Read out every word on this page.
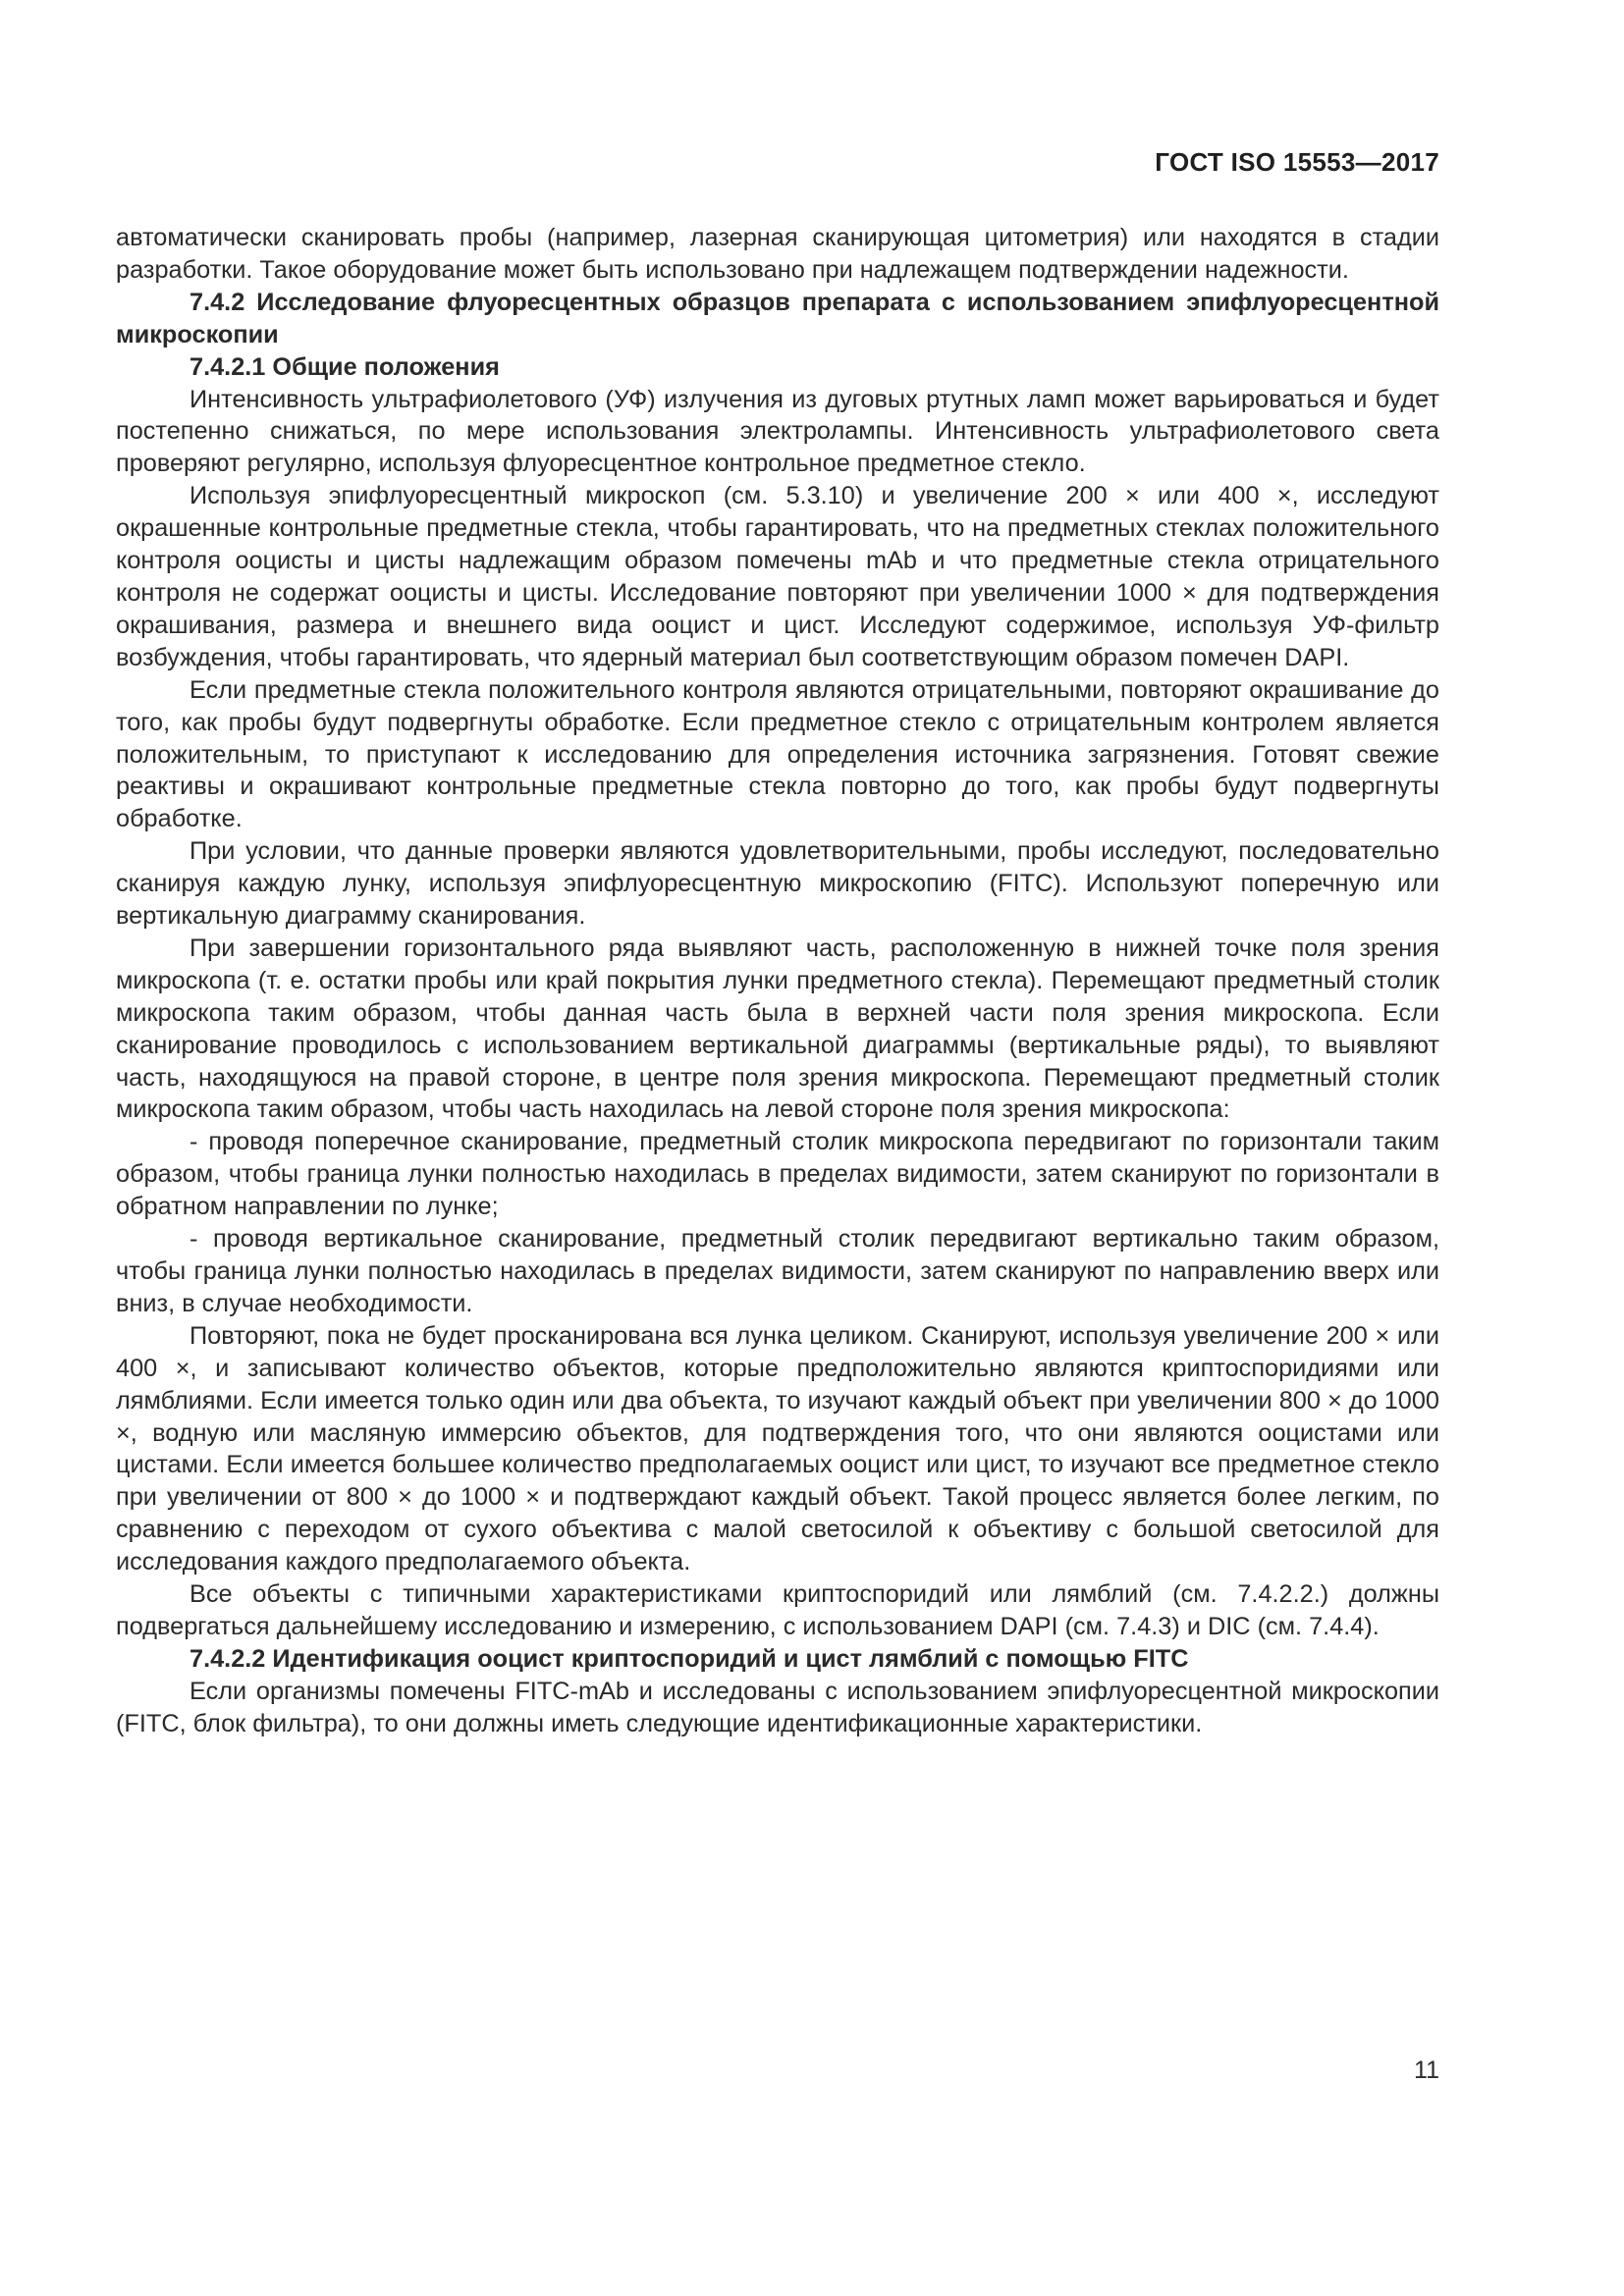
ГОСТ ISO 15553—2017

автоматически сканировать пробы (например, лазерная сканирующая цитометрия) или находятся в стадии разработки. Такое оборудование может быть использовано при надлежащем подтверждении надежности.

7.4.2 Исследование флуоресцентных образцов препарата с использованием эпифлуоресцентной микроскопии

7.4.2.1 Общие положения

Интенсивность ультрафиолетового (УФ) излучения из дуговых ртутных ламп может варьироваться и будет постепенно снижаться, по мере использования электролампы. Интенсивность ультрафиолетового света проверяют регулярно, используя флуоресцентное контрольное предметное стекло.

Используя эпифлуоресцентный микроскоп (см. 5.3.10) и увеличение 200 × или 400 ×, исследуют окрашенные контрольные предметные стекла, чтобы гарантировать, что на предметных стеклах положительного контроля ооцисты и цисты надлежащим образом помечены mAb и что предметные стекла отрицательного контроля не содержат ооцисты и цисты. Исследование повторяют при увеличении 1000 × для подтверждения окрашивания, размера и внешнего вида ооцист и цист. Исследуют содержимое, используя УФ-фильтр возбуждения, чтобы гарантировать, что ядерный материал был соответствующим образом помечен DAPI.

Если предметные стекла положительного контроля являются отрицательными, повторяют окрашивание до того, как пробы будут подвергнуты обработке. Если предметное стекло с отрицательным контролем является положительным, то приступают к исследованию для определения источника загрязнения. Готовят свежие реактивы и окрашивают контрольные предметные стекла повторно до того, как пробы будут подвергнуты обработке.

При условии, что данные проверки являются удовлетворительными, пробы исследуют, последовательно сканируя каждую лунку, используя эпифлуоресцентную микроскопию (FITC). Используют поперечную или вертикальную диаграмму сканирования.

При завершении горизонтального ряда выявляют часть, расположенную в нижней точке поля зрения микроскопа (т. е. остатки пробы или край покрытия лунки предметного стекла). Перемещают предметный столик микроскопа таким образом, чтобы данная часть была в верхней части поля зрения микроскопа. Если сканирование проводилось с использованием вертикальной диаграммы (вертикальные ряды), то выявляют часть, находящуюся на правой стороне, в центре поля зрения микроскопа. Перемещают предметный столик микроскопа таким образом, чтобы часть находилась на левой стороне поля зрения микроскопа:

- проводя поперечное сканирование, предметный столик микроскопа передвигают по горизонтали таким образом, чтобы граница лунки полностью находилась в пределах видимости, затем сканируют по горизонтали в обратном направлении по лунке;

- проводя вертикальное сканирование, предметный столик передвигают вертикально таким образом, чтобы граница лунки полностью находилась в пределах видимости, затем сканируют по направлению вверх или вниз, в случае необходимости.

Повторяют, пока не будет просканирована вся лунка целиком. Сканируют, используя увеличение 200 × или 400 ×, и записывают количество объектов, которые предположительно являются криптоспоридиями или лямблиями. Если имеется только один или два объекта, то изучают каждый объект при увеличении 800 × до 1000 ×, водную или масляную иммерсию объектов, для подтверждения того, что они являются ооцистами или цистами. Если имеется большее количество предполагаемых ооцист или цист, то изучают все предметное стекло при увеличении от 800 × до 1000 × и подтверждают каждый объект. Такой процесс является более легким, по сравнению с переходом от сухого объектива с малой светосилой к объективу с большой светосилой для исследования каждого предполагаемого объекта.

Все объекты с типичными характеристиками криптоспоридий или лямблий (см. 7.4.2.2.) должны подвергаться дальнейшему исследованию и измерению, с использованием DAPI (см. 7.4.3) и DIC (см. 7.4.4).

7.4.2.2 Идентификация ооцист криптоспоридий и цист лямблий с помощью FITC

Если организмы помечены FITC-mAb и исследованы с использованием эпифлуоресцентной микроскопии (FITC, блок фильтра), то они должны иметь следующие идентификационные характеристики.

11
